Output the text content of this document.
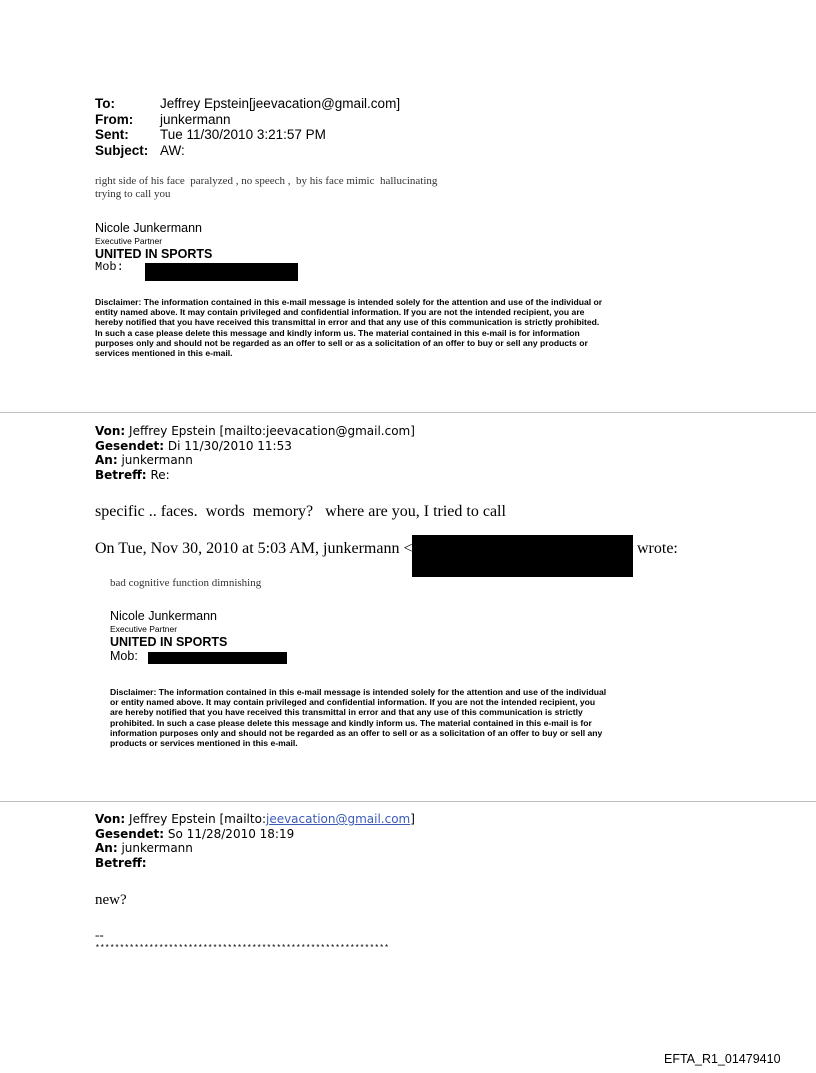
To:	Jeffrey Epstein[jeevacation@gmail.com]
From:	junkermann
Sent:	Tue 11/30/2010 3:21:57 PM
Subject: AW:
right side of his face  paralyzed , no speech ,  by his face mimic  hallucinating
trying to call you
Nicole Junkermann
Executive Partner
UNITED IN SPORTS
Mob:
Disclaimer: The information contained in this e-mail message is intended solely for the attention and use of the individual or
entity named above. It may contain privileged and confidential information. If you are not the intended recipient, you are
hereby notified that you have received this transmittal in error and that any use of this communication is strictly prohibited.
In such a case please delete this message and kindly inform us. The material contained in this e-mail is for information
purposes only and should not be regarded as an offer to sell or as a solicitation of an offer to buy or sell any products or
services mentioned in this e-mail.
Von: Jeffrey Epstein [mailto:jeevacation@gmail.com]
Gesendet: Di 11/30/2010 11:53
An: junkermann
Betreff: Re:
specific .. faces.  words  memory?   where are you, I tried to call
On Tue, Nov 30, 2010 at 5:03 AM, junkermann <	wrote:
bad cognitive function dimnishing
Nicole Junkermann
Executive Partner
UNITED IN SPORTS
Mob:
Disclaimer: The information contained in this e-mail message is intended solely for the attention and use of the individual
or entity named above. It may contain privileged and confidential information. If you are not the intended recipient, you
are hereby notified that you have received this transmittal in error and that any use of this communication is strictly
prohibited. In such a case please delete this message and kindly inform us. The material contained in this e-mail is for
information purposes only and should not be regarded as an offer to sell or as a solicitation of an offer to buy or sell any
products or services mentioned in this e-mail.
Von: Jeffrey Epstein [mailto:jeevacation@gmail.com]
Gesendet: So 11/28/2010 18:19
An: junkermann
Betreff:
new?
--
************************************************************
EFTA_R1_01479410
